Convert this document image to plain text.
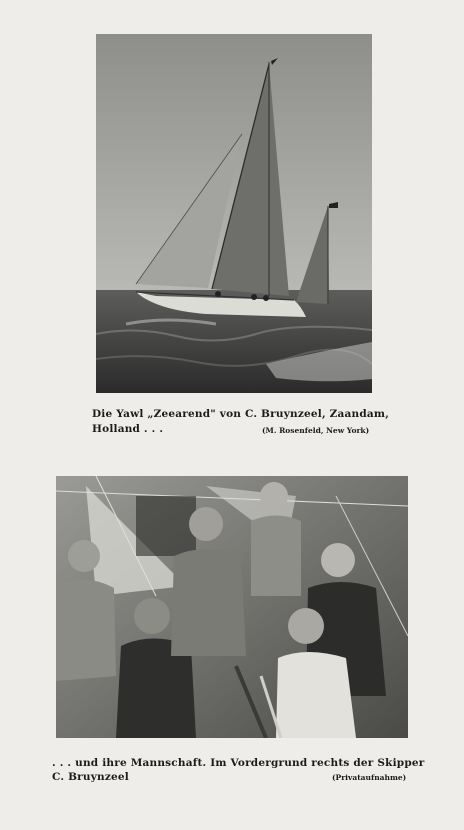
Die Yawl „Zeearend" von C. Bruynzeel, Zaandam,
Holland . . .	(M. Rosenfeld, New York)
. . . und ihre Mannschaft. Im Vordergrund rechts der Skipper
C. Bruynzeel	(Privataufnahme)
